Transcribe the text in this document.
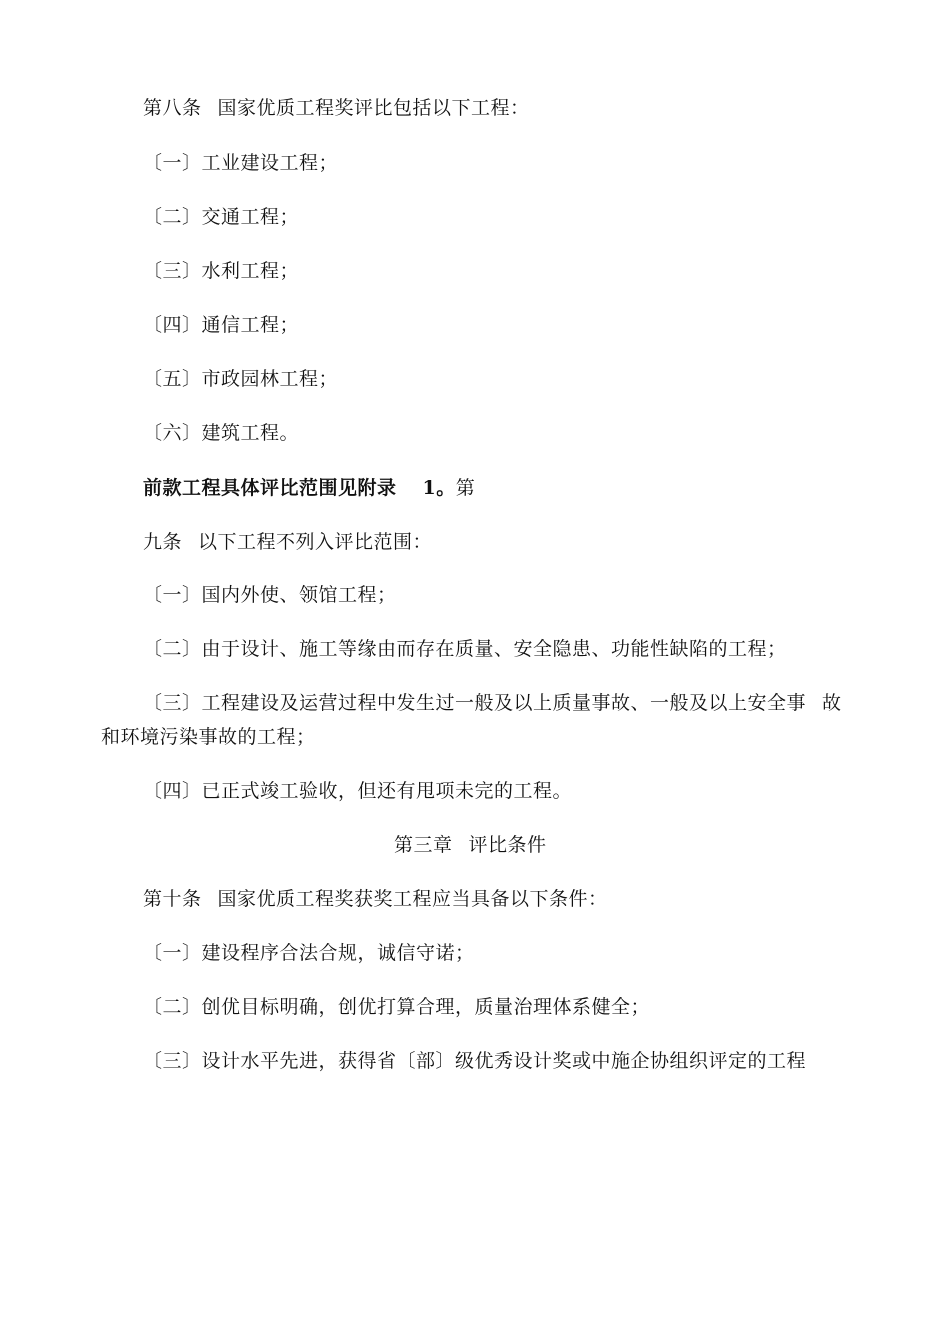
第八条 国家优质工程奖评比包括以下工程：
〔一〕工业建设工程；
〔二〕交通工程；
〔三〕水利工程；
〔四〕通信工程；
〔五〕市政园林工程；
〔六〕建筑工程。
前款工程具体评比范围见附录 1。第
九条 以下工程不列入评比范围：
〔一〕国内外使、领馆工程；
〔二〕由于设计、施工等缘由而存在质量、安全隐患、功能性缺陷的工程；
〔三〕工程建设及运营过程中发生过一般及以上质量事故、一般及以上安全事 故
和环境污染事故的工程；
〔四〕已正式竣工验收，但还有甩项未完的工程。
第三章 评比条件
第十条 国家优质工程奖获奖工程应当具备以下条件：
〔一〕建设程序合法合规，诚信守诺；
〔二〕创优目标明确，创优打算合理，质量治理体系健全；
〔三〕设计水平先进，获得省〔部〕级优秀设计奖或中施企协组织评定的工程
